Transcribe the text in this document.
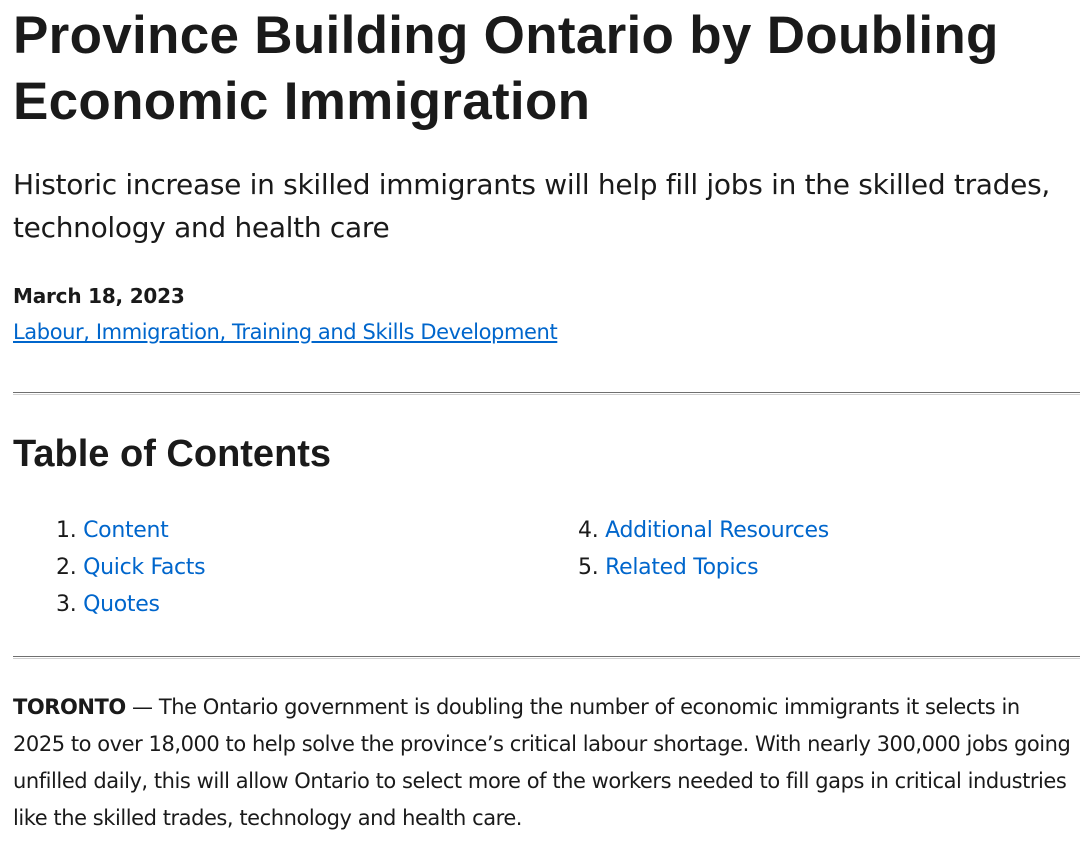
Province Building Ontario by Doubling Economic Immigration

Historic increase in skilled immigrants will help fill jobs in the skilled trades, technology and health care

March 18, 2023
Labour, Immigration, Training and Skills Development
Table of Contents
1. Content
2. Quick Facts
3. Quotes
4. Additional Resources
5. Related Topics

TORONTO — The Ontario government is doubling the number of economic immigrants it selects in 2025 to over 18,000 to help solve the province’s critical labour shortage. With nearly 300,000 jobs going unfilled daily, this will allow Ontario to select more of the workers needed to fill gaps in critical industries like the skilled trades, technology and health care.
